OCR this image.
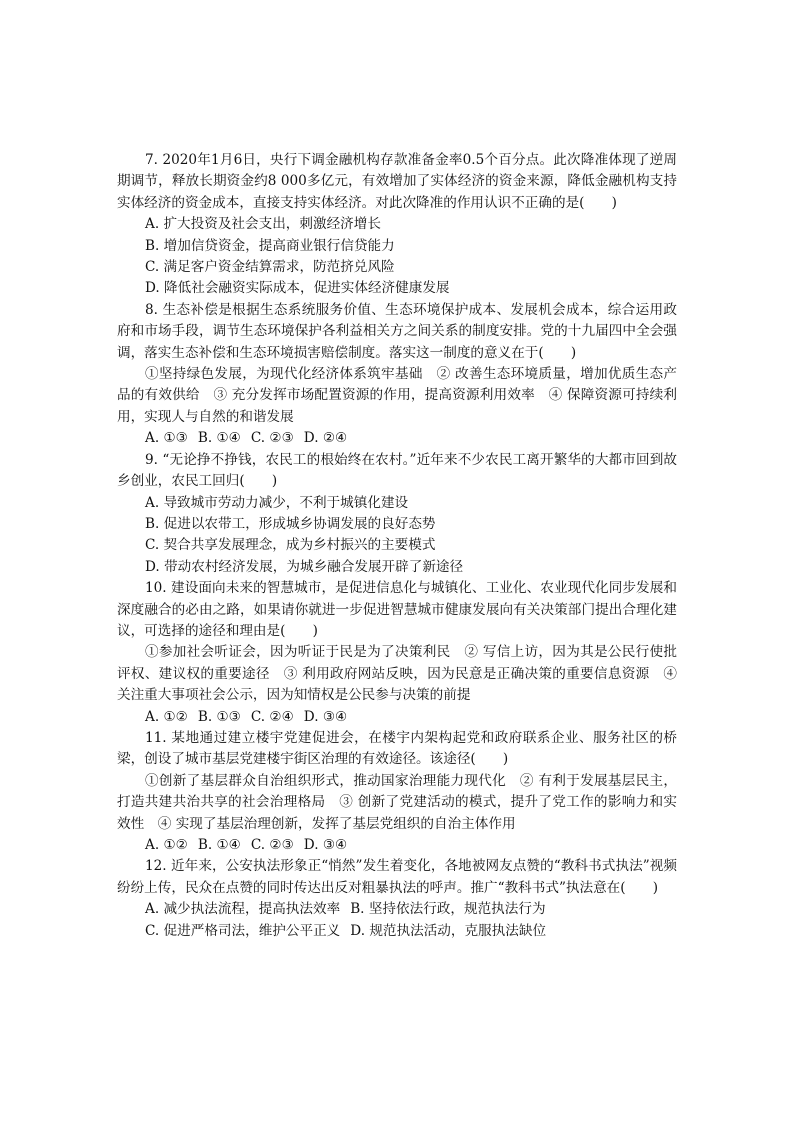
7. 2020年1月6日，央行下调金融机构存款准备金率0.5个百分点。此次降准体现了逆周期调节，释放长期资金约8 000多亿元，有效增加了实体经济的资金来源，降低金融机构支持实体经济的资金成本，直接支持实体经济。对此次降准的作用认识不正确的是(　　)

A. 扩大投资及社会支出，刺激经济增长

B. 增加信贷资金，提高商业银行信贷能力

C. 满足客户资金结算需求，防范挤兑风险

D. 降低社会融资实际成本，促进实体经济健康发展

8. 生态补偿是根据生态系统服务价值、生态环境保护成本、发展机会成本，综合运用政府和市场手段，调节生态环境保护各利益相关方之间关系的制度安排。党的十九届四中全会强调，落实生态补偿和生态环境损害赔偿制度。落实这一制度的意义在于(　　)

①坚持绿色发展，为现代化经济体系筑牢基础　② 改善生态环境质量，增加优质生态产品的有效供给　③ 充分发挥市场配置资源的作用，提高资源利用效率　④ 保障资源可持续利用，实现人与自然的和谐发展

A. ①③ B. ①④ C. ②③ D. ②④

9. “无论挣不挣钱，农民工的根始终在农村。”近年来不少农民工离开繁华的大都市回到故乡创业，农民工回归(　　)

A. 导致城市劳动力减少，不利于城镇化建设

B. 促进以农带工，形成城乡协调发展的良好态势

C. 契合共享发展理念，成为乡村振兴的主要模式

D. 带动农村经济发展，为城乡融合发展开辟了新途径

10. 建设面向未来的智慧城市，是促进信息化与城镇化、工业化、农业现代化同步发展和深度融合的必由之路，如果请你就进一步促进智慧城市健康发展向有关决策部门提出合理化建议，可选择的途径和理由是(　　)

①参加社会听证会，因为听证于民是为了决策利民　② 写信上访，因为其是公民行使批评权、建议权的重要途径　③ 利用政府网站反映，因为民意是正确决策的重要信息资源　④ 关注重大事项社会公示，因为知情权是公民参与决策的前提

A. ①② B. ①③ C. ②④ D. ③④

11. 某地通过建立楼宇党建促进会，在楼宇内架构起党和政府联系企业、服务社区的桥梁，创设了城市基层党建楼宇街区治理的有效途径。该途径(　　)

①创新了基层群众自治组织形式，推动国家治理能力现代化　② 有利于发展基层民主，打造共建共治共享的社会治理格局　③ 创新了党建活动的模式，提升了党工作的影响力和实效性　④ 实现了基层治理创新，发挥了基层党组织的自治主体作用

A. ①② B. ①④ C. ②③ D. ③④

12. 近年来，公安执法形象正“悄然”发生着变化，各地被网友点赞的“教科书式执法”视频纷纷上传，民众在点赞的同时传达出反对粗暴执法的呼声。推广“教科书式”执法意在(　　)

A. 减少执法流程，提高执法效率 B. 坚持依法行政，规范执法行为

C. 促进严格司法，维护公平正义 D. 规范执法活动，克服执法缺位
